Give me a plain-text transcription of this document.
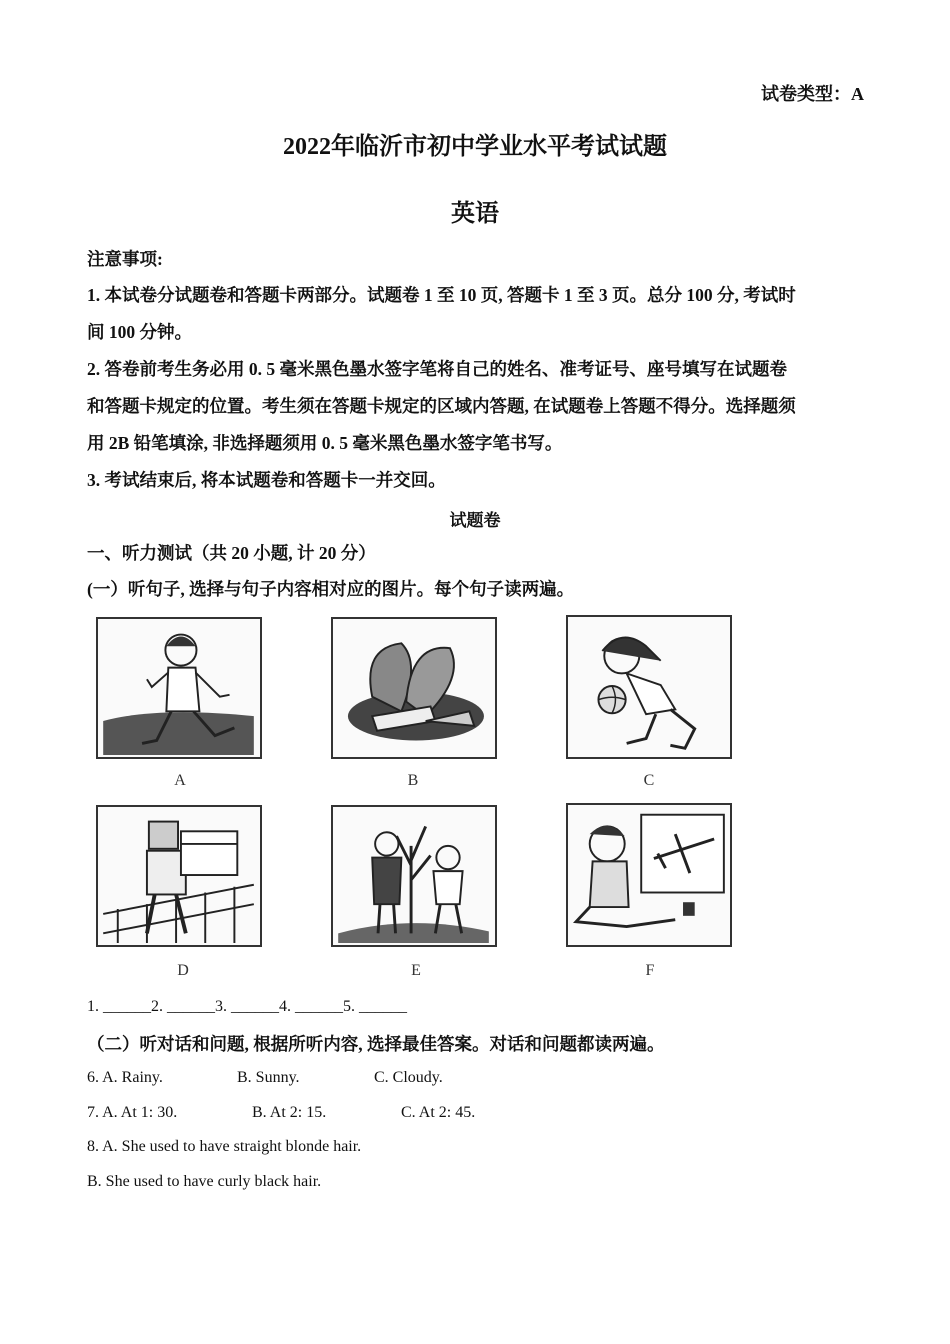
试卷类型：A
2022年临沂市初中学业水平考试试题
英语
注意事项:
1. 本试卷分试题卷和答题卡两部分。试题卷 1 至 10 页, 答题卡 1 至 3 页。总分 100 分, 考试时
间 100 分钟。
2. 答卷前考生务必用 0. 5 毫米黑色墨水签字笔将自己的姓名、准考证号、座号填写在试题卷
和答题卡规定的位置。考生须在答题卡规定的区域内答题, 在试题卷上答题不得分。选择题须
用 2B 铅笔填涂, 非选择题须用 0. 5 毫米黑色墨水签字笔书写。
3. 考试结束后, 将本试题卷和答题卡一并交回。
试题卷
一、听力测试（共 20 小题, 计 20 分）
(一）听句子, 选择与句子内容相对应的图片。每个句子读两遍。
A	B	C
D	E	F
1. ______2. ______3. ______4. ______5. ______
（二）听对话和问题, 根据所听内容, 选择最佳答案。对话和问题都读两遍。
6. A. Rainy.	B. Sunny.	C. Cloudy.
7. A. At 1: 30.	B. At 2: 15.	C. At 2: 45.
8. A. She used to have straight blonde hair.
B. She used to have curly black hair.
